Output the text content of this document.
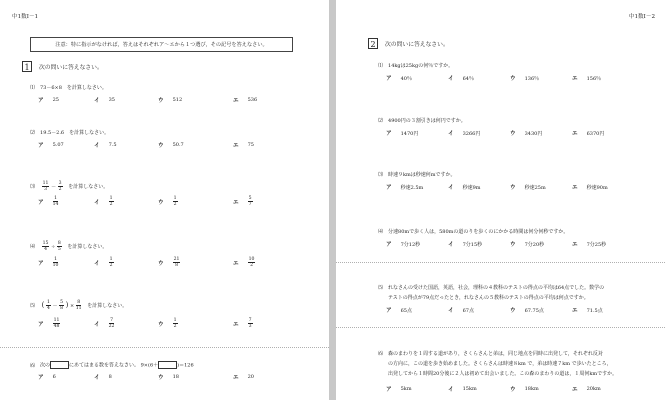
中1数Ⅰ－1
注意：特に指示がなければ，答えはそれぞれア～エから１つ選び，その記号を答えなさい。
1	次の問いに答えなさい。
⑴ 73－6×8　を計算しなさい。
ア 25	イ 35	ウ 512	エ 536
⑵ 19.5－2.6　を計算しなさい。
ア 5.07	イ 7.5	ウ 50.7	エ 75
⑶ $\frac{11}{3} - \frac{3}{2}$ を計算しなさい。
ア $\frac{1}{14}$	イ $\frac{1}{2}$	ウ $\frac{1}{2}$	エ $\frac{5}{7}$
⑷ $\frac{15}{4} \div \frac{8}{5}$ を計算しなさい。
ア $\frac{1}{10}$	イ $\frac{1}{2}$	ウ $\frac{21}{8}$	エ $\frac{10}{2}$
⑸ ( $\frac{1}{4} - \frac{5}{8}$ ) × $\frac{8}{11}$ を計算しなさい。
ア $\frac{11}{48}$	イ $\frac{7}{22}$	ウ $\frac{1}{2}$	エ $\frac{7}{3}$
⑹ 次の	にあてはまる数を答えなさい。 9×(6＋	)＝126
ア 6	イ 8	ウ 18	エ 20
中1数Ⅰ－2
2	次の問いに答えなさい。
⑴ 14kgは25kgの何％ですか。
ア 40％	イ 64％	ウ 136％	エ 156％
⑵ 4900円の３割引きは何円ですか。
ア 1470円	イ 3266円	ウ 3430円	エ 6370円
⑶ 時速９kmは秒速何mですか。
ア 秒速2.5m	イ 秒速9m	ウ 秒速25m	エ 秒速90m
⑷ 分速80mで歩く人は，580mの道のりを歩くのにかかる時間は何分何秒ですか。
ア 7分12秒	イ 7分15秒	ウ 7分20秒	エ 7分25秒
⑸ れなさんの受けた国語，英語，社会，理科の４教科のテストの得点の平均は64点でした。数学の
テストの得点が79点だったとき，れなさんの５教科のテストの得点の平均は何点ですか。
ア 65点	イ 67点	ウ 67.75点	エ 71.5点
⑹ 森のまわりを１周する道があり，さくらさんと弟は，同じ地点を同時に出発して，それぞれ反対
の方向に，この道を歩き始めました。さくらさんは時速８km で，弟は時速７km で歩いたところ，
出発してから１時間20分後に２人は初めて出会いました。この森のまわりの道は，１周何kmですか。
ア 5km	イ 15km	ウ 18km	エ 20km
